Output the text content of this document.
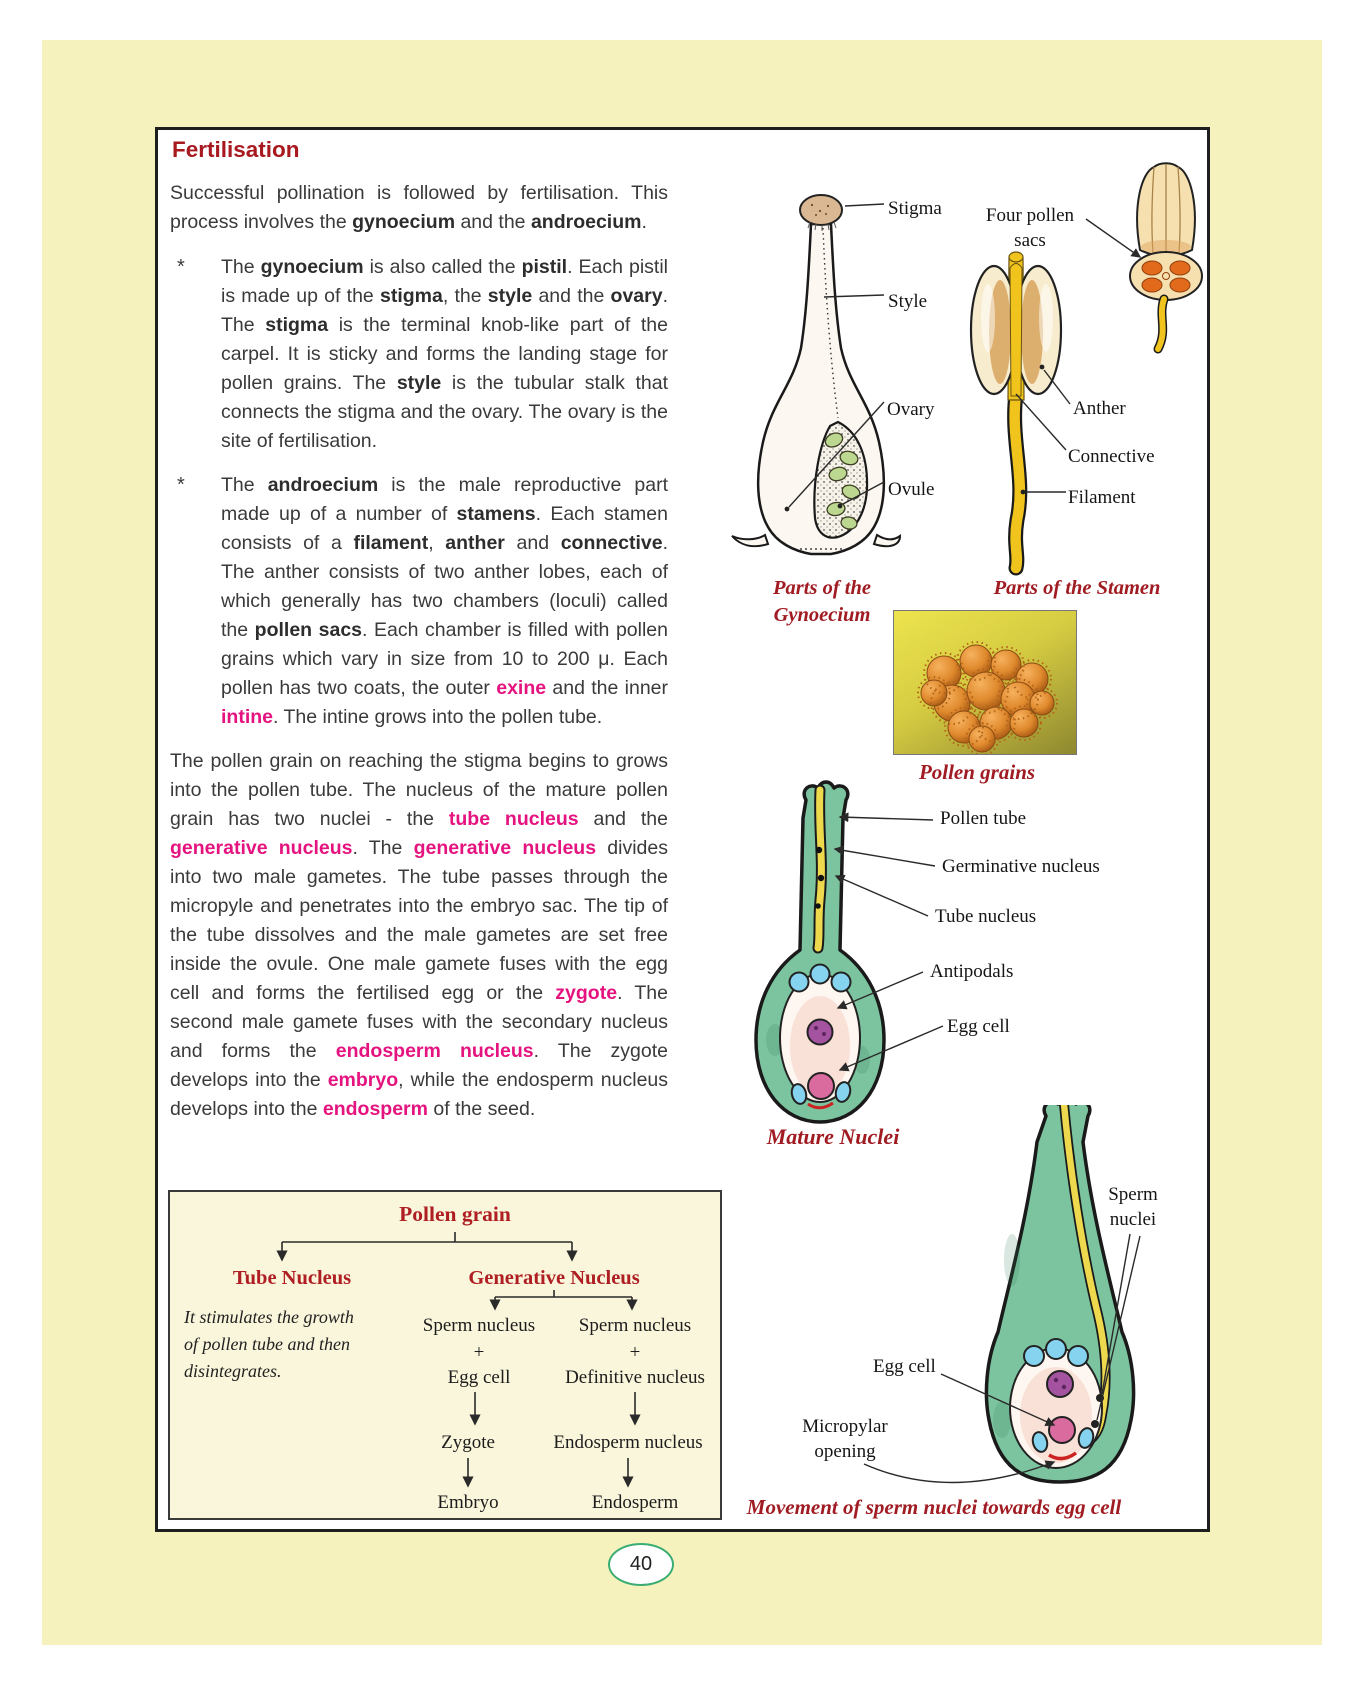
Fertilisation

Successful pollination is followed by fertilisation. This process involves the gynoecium and the androecium.

*	The gynoecium is also called the pistil. Each pistil is made up of the stigma, the style and the ovary. The stigma is the terminal knob-like part of the carpel. It is sticky and forms the landing stage for pollen grains. The style is the tubular stalk that connects the stigma and the ovary. The ovary is the site of fertilisation.
*	The androecium is the male reproductive part made up of a number of stamens. Each stamen consists of a filament, anther and connective. The anther consists of two anther lobes, each of which generally has two chambers (loculi) called the pollen sacs. Each chamber is filled with pollen grains which vary in size from 10 to 200 μ. Each pollen has two coats, the outer exine and the inner intine. The intine grows into the pollen tube.

The pollen grain on reaching the stigma begins to grows into the pollen tube. The nucleus of the mature pollen grain has two nuclei - the tube nucleus and the generative nucleus. The generative nucleus divides into two male gametes. The tube passes through the micropyle and penetrates into the embryo sac. The tip of the tube dissolves and the male gametes are set free inside the ovule. One male gamete fuses with the egg cell and forms the fertilised egg or the zygote. The second male gamete fuses with the secondary nucleus and forms the endosperm nucleus. The zygote develops into the embryo, while the endosperm nucleus develops into the endosperm of the seed.

Pollen grain
Tube Nucleus	Generative Nucleus
It stimulates the growth
of pollen tube and then
disintegrates.
Sperm nucleus Sperm nucleus
+	+
Egg cell	Definitive nucleus
Zygote	Endosperm nucleus
Embryo	Endosperm
Stigma
Style
Ovary
Ovule
Parts of the
Gynoecium
Four pollen
sacs
Anther
Connective
Filament
Parts of the Stamen
Pollen grains
Pollen tube
Germinative nucleus
Tube nucleus
Antipodals
Egg cell
Mature Nuclei
Sperm
nuclei
Egg cell
Micropylar
opening
Movement of sperm nuclei towards egg cell
40
